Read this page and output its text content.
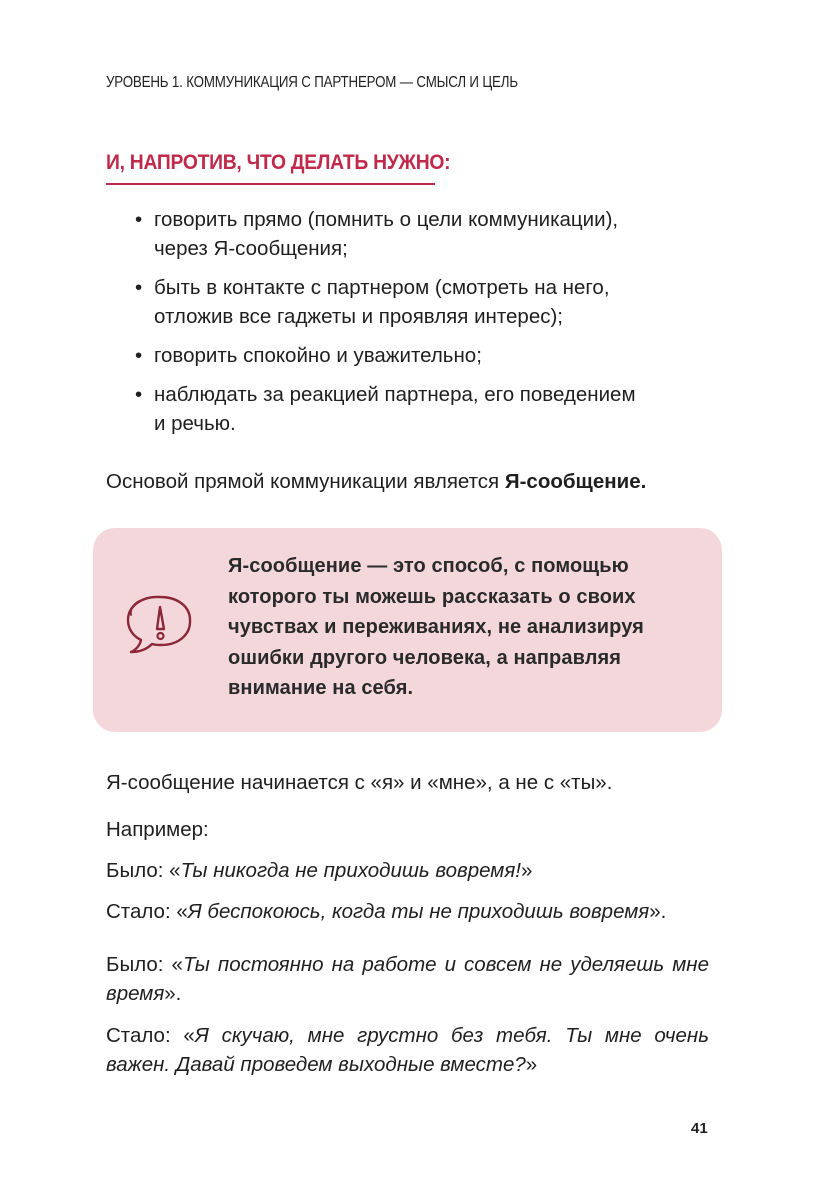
УРОВЕНЬ 1. КОММУНИКАЦИЯ С ПАРТНЕРОМ — СМЫСЛ И ЦЕЛЬ
И, НАПРОТИВ, ЧТО ДЕЛАТЬ НУЖНО:
• говорить прямо (помнить о цели коммуникации),
через Я-сообщения;
• быть в контакте с партнером (смотреть на него,
отложив все гаджеты и проявляя интерес);
• говорить спокойно и уважительно;
• наблюдать за реакцией партнера, его поведением
и речью.
Основой прямой коммуникации является Я-сообщение.
Я-сообщение — это способ, с помощью
которого ты можешь рассказать о своих
чувствах и переживаниях, не анализируя
ошибки другого человека, а направляя
внимание на себя.
Я-сообщение начинается с «я» и «мне», а не с «ты».
Например:
Было: «Ты никогда не приходишь вовремя!»
Стало: «Я беспокоюсь, когда ты не приходишь вовремя».
Было: «Ты постоянно на работе и совсем не уделяешь мне время».
Стало: «Я скучаю, мне грустно без тебя. Ты мне очень важен. Давай проведем выходные вместе?»
41
